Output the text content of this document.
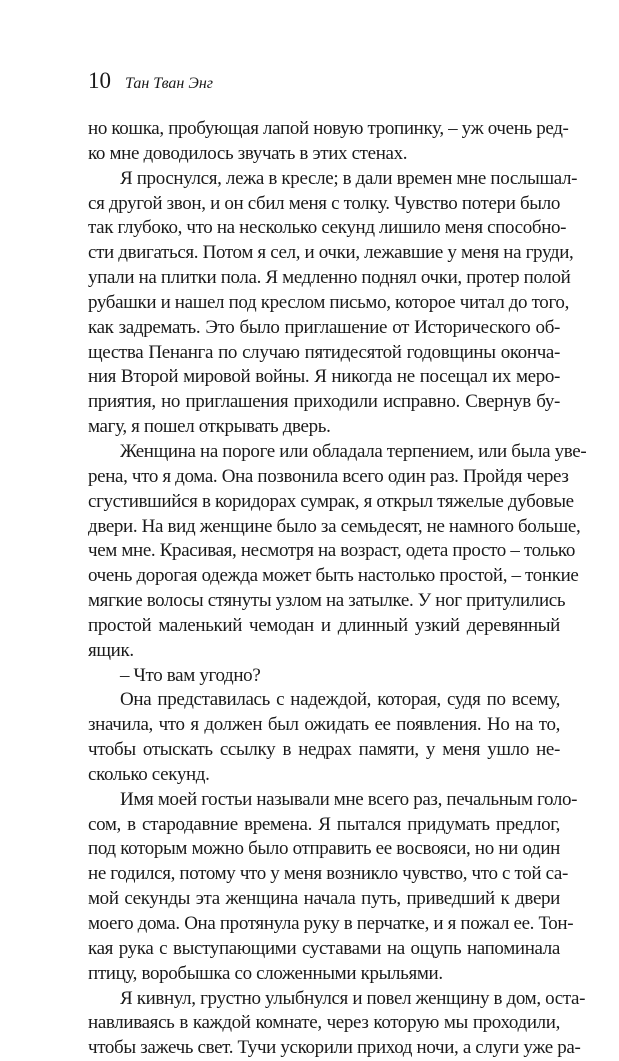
10 Тан Тван Энг
но кошка, пробующая лапой новую тропинку, – уж очень ред-
ко мне доводилось звучать в этих стенах.
Я проснулся, лежа в кресле; в дали времен мне послышал-
ся другой звон, и он сбил меня с толку. Чувство потери было
так глубоко, что на несколько секунд лишило меня способно-
сти двигаться. Потом я сел, и очки, лежавшие у меня на груди,
упали на плитки пола. Я медленно поднял очки, протер полой
рубашки и нашел под креслом письмо, которое читал до того,
как задремать. Это было приглашение от Исторического об-
щества Пенанга по случаю пятидесятой годовщины оконча-
ния Второй мировой войны. Я никогда не посещал их меро-
приятия, но приглашения приходили исправно. Свернув бу-
магу, я пошел открывать дверь.
Женщина на пороге или обладала терпением, или была уве-
рена, что я дома. Она позвонила всего один раз. Пройдя через
сгустившийся в коридорах сумрак, я открыл тяжелые дубовые
двери. На вид женщине было за семьдесят, не намного больше,
чем мне. Красивая, несмотря на возраст, одета просто – только
очень дорогая одежда может быть настолько простой, – тонкие
мягкие волосы стянуты узлом на затылке. У ног притулились
простой маленький чемодан и длинный узкий деревянный
ящик.
– Что вам угодно?
Она представилась с надеждой, которая, судя по всему,
значила, что я должен был ожидать ее появления. Но на то,
чтобы отыскать ссылку в недрах памяти, у меня ушло не-
сколько секунд.
Имя моей гостьи называли мне всего раз, печальным голо-
сом, в стародавние времена. Я пытался придумать предлог,
под которым можно было отправить ее восвояси, но ни один
не годился, потому что у меня возникло чувство, что с той са-
мой секунды эта женщина начала путь, приведший к двери
моего дома. Она протянула руку в перчатке, и я пожал ее. Тон-
кая рука с выступающими суставами на ощупь напоминала
птицу, воробышка со сложенными крыльями.
Я кивнул, грустно улыбнулся и повел женщину в дом, оста-
навливаясь в каждой комнате, через которую мы проходили,
чтобы зажечь свет. Тучи ускорили приход ночи, а слуги уже ра-
